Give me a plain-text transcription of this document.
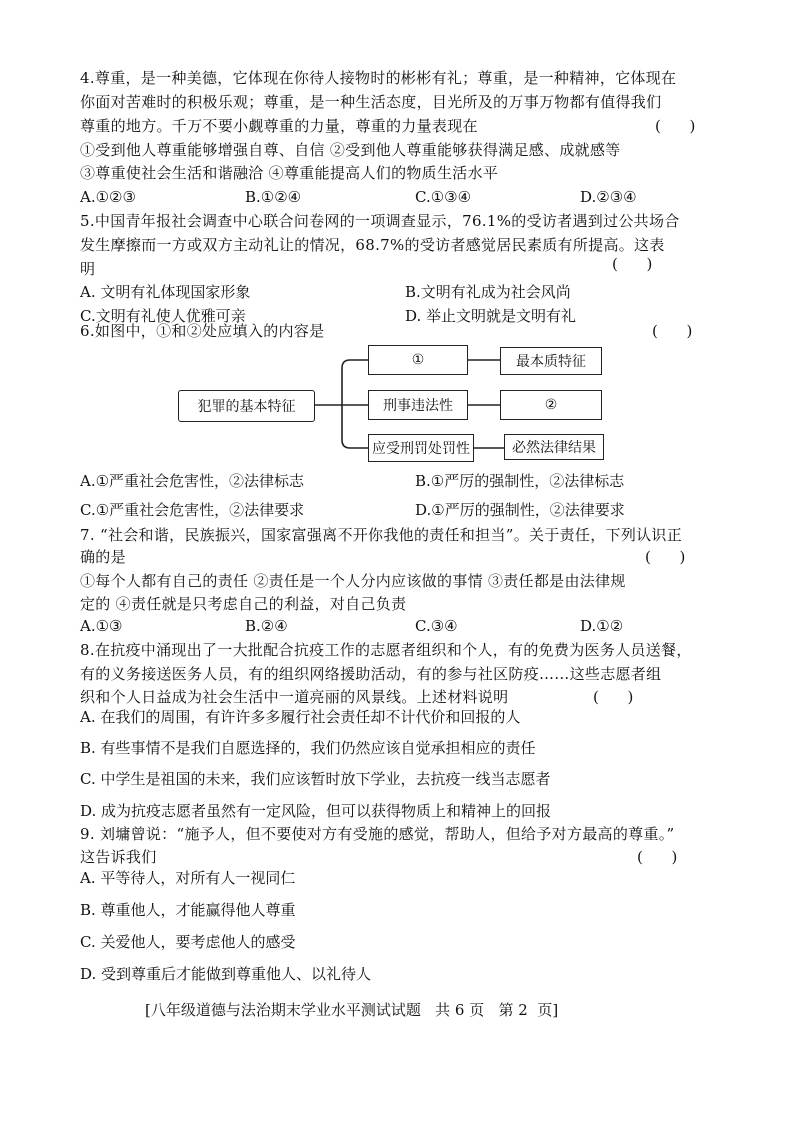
4.尊重，是一种美德，它体现在你待人接物时的彬彬有礼；尊重，是一种精神，它体现在
你面对苦难时的积极乐观；尊重，是一种生活态度，目光所及的万事万物都有值得我们
尊重的地方。千万不要小觑尊重的力量，尊重的力量表现在	(      )
①受到他人尊重能够增强自尊、自信 ②受到他人尊重能够获得满足感、成就感等
③尊重使社会生活和谐融洽 ④尊重能提高人们的物质生活水平
A.①②③	B.①②④	C.①③④	D.②③④
5.中国青年报社会调查中心联合问卷网的一项调查显示，76.1%的受访者遇到过公共场合
发生摩擦而一方或双方主动礼让的情况，68.7%的受访者感觉居民素质有所提高。这表
明	(      )
A. 文明有礼体现国家形象	B.文明有礼成为社会风尚
C.文明有礼使人优雅可亲	D. 举止文明就是文明有礼
6.如图中，①和②处应填入的内容是	(      )
犯罪的基本特征
①	最本质特征
刑事违法性	②
应受刑罚处罚性	必然法律结果
A.①严重社会危害性，②法律标志	B.①严厉的强制性，②法律标志
C.①严重社会危害性，②法律要求	D.①严厉的强制性，②法律要求
7. “社会和谐，民族振兴，国家富强离不开你我他的责任和担当”。关于责任，下列认识正
确的是	(      )
①每个人都有自己的责任 ②责任是一个人分内应该做的事情 ③责任都是由法律规
定的 ④责任就是只考虑自己的利益，对自己负责
A.①③	B.②④	C.③④	D.①②
8.在抗疫中涌现出了一大批配合抗疫工作的志愿者组织和个人，有的免费为医务人员送餐，
有的义务接送医务人员，有的组织网络援助活动，有的参与社区防疫……这些志愿者组
织和个人日益成为社会生活中一道亮丽的风景线。上述材料说明	(      )
A. 在我们的周围，有许许多多履行社会责任却不计代价和回报的人
B. 有些事情不是我们自愿选择的，我们仍然应该自觉承担相应的责任
C. 中学生是祖国的未来，我们应该暂时放下学业，去抗疫一线当志愿者
D. 成为抗疫志愿者虽然有一定风险，但可以获得物质上和精神上的回报
9. 刘墉曾说：“施予人，但不要使对方有受施的感觉，帮助人，但给予对方最高的尊重。”
这告诉我们	(      )
A. 平等待人，对所有人一视同仁
B. 尊重他人，才能赢得他人尊重
C. 关爱他人，要考虑他人的感受
D. 受到尊重后才能做到尊重他人、以礼待人
[八年级道德与法治期末学业水平测试试题   共 6 页   第 2  页]
